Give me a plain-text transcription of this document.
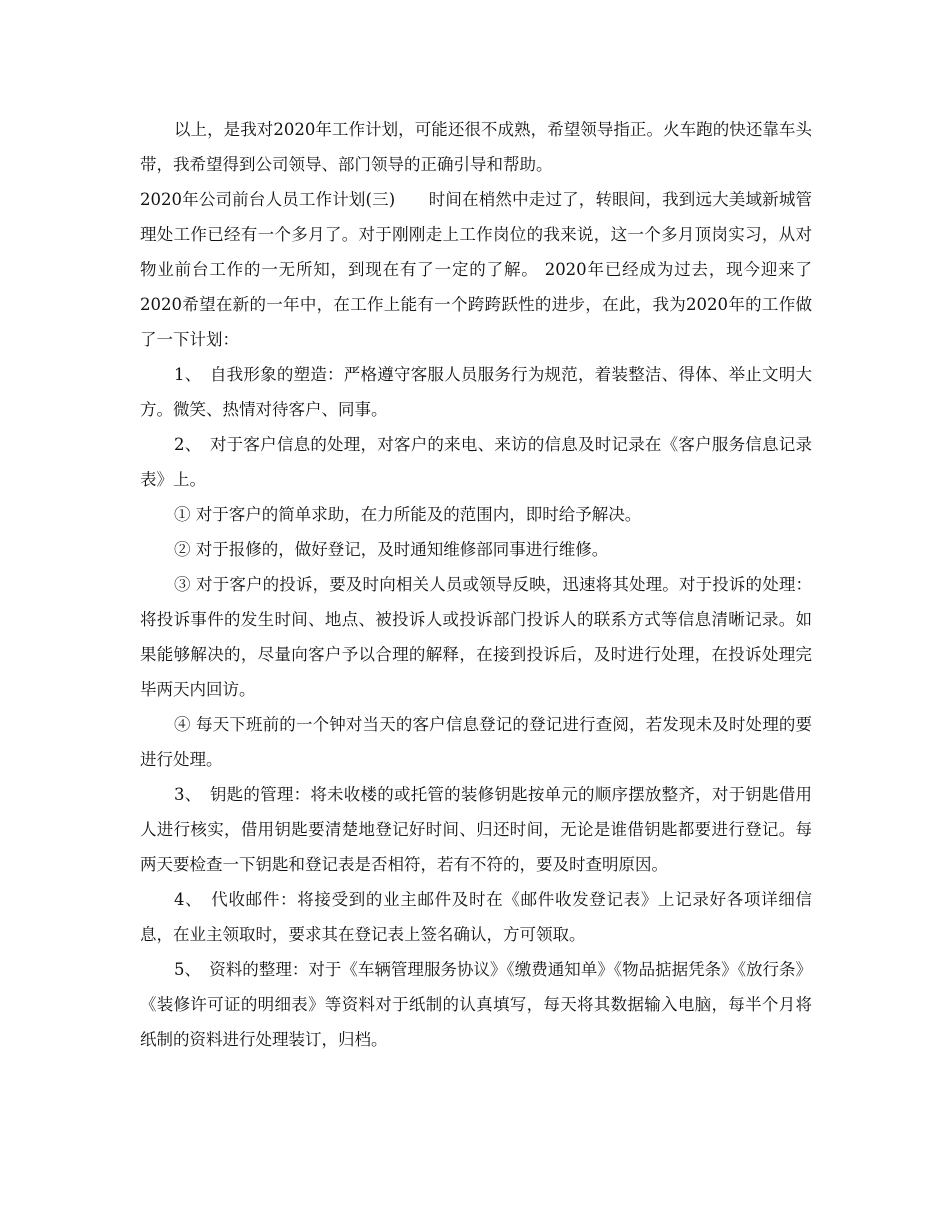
以上，是我对2020年工作计划，可能还很不成熟，希望领导指正。火车跑的快还靠车头带，我希望得到公司领导、部门领导的正确引导和帮助。

2020年公司前台人员工作计划(三)　　时间在梢然中走过了，转眼间，我到远大美域新城管理处工作已经有一个多月了。对于刚刚走上工作岗位的我来说，这一个多月顶岗实习，从对物业前台工作的一无所知，到现在有了一定的了解。 2020年已经成为过去，现今迎来了2020希望在新的一年中，在工作上能有一个跨跨跃性的进步，在此，我为2020年的工作做了一下计划：

1、　自我形象的塑造：严格遵守客服人员服务行为规范，着装整洁、得体、举止文明大方。微笑、热情对待客户、同事。

2、　对于客户信息的处理，对客户的来电、来访的信息及时记录在《客户服务信息记录表》上。

① 对于客户的简单求助，在力所能及的范围内，即时给予解决。

② 对于报修的，做好登记，及时通知维修部同事进行维修。

③ 对于客户的投诉，要及时向相关人员或领导反映，迅速将其处理。对于投诉的处理：将投诉事件的发生时间、地点、被投诉人或投诉部门投诉人的联系方式等信息清晰记录。如果能够解决的，尽量向客户予以合理的解释，在接到投诉后，及时进行处理，在投诉处理完毕两天内回访。

④ 每天下班前的一个钟对当天的客户信息登记的登记进行查阅，若发现未及时处理的要进行处理。

3、　钥匙的管理：将未收楼的或托管的装修钥匙按单元的顺序摆放整齐，对于钥匙借用人进行核实，借用钥匙要清楚地登记好时间、归还时间，无论是谁借钥匙都要进行登记。每两天要检查一下钥匙和登记表是否相符，若有不符的，要及时查明原因。

4、　代收邮件：将接受到的业主邮件及时在《邮件收发登记表》上记录好各项详细信息，在业主领取时，要求其在登记表上签名确认，方可领取。

5、　资料的整理：对于《车辆管理服务协议》《缴费通知单》《物品掂据凭条》《放行条》《装修许可证的明细表》等资料对于纸制的认真填写，每天将其数据输入电脑，每半个月将纸制的资料进行处理装订，归档。
